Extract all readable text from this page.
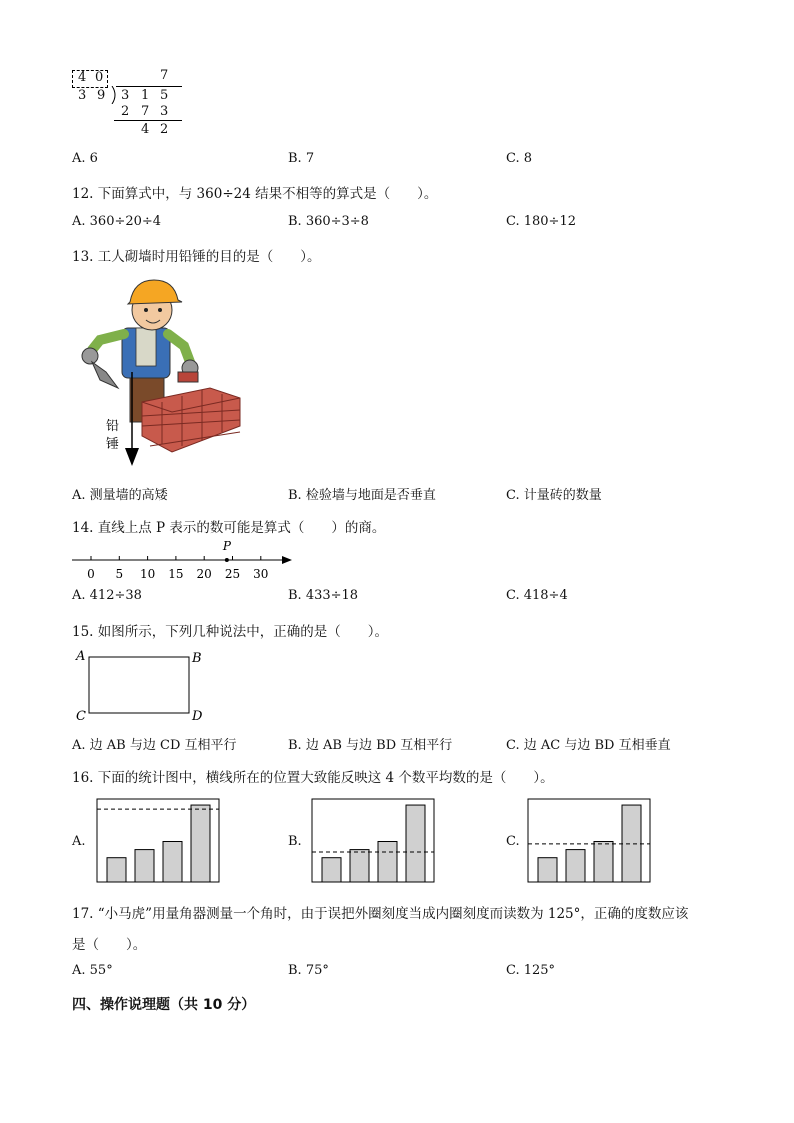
4 0	7
3 9 3 1 5
2 7 3
4 2
A. 6	B. 7	C. 8
12. 下面算式中，与 360÷24 结果不相等的算式是（　　）。
A. 360÷20÷4	B. 360÷3÷8	C. 180÷12
13. 工人砌墙时用铅锤的目的是（　　）。
铅
锤
A. 测量墙的高矮	B. 检验墙与地面是否垂直	C. 计量砖的数量
14. 直线上点 P 表示的数可能是算式（　　）的商。
0 5 10 15 20 25 30
P
A. 412÷38	B. 433÷18	C. 418÷4
15. 如图所示，下列几种说法中，正确的是（　　）。
A	B
C	D
A. 边 AB 与边 CD 互相平行	B. 边 AB 与边 BD 互相平行	C. 边 AC 与边 BD 互相垂直
16. 下面的统计图中，横线所在的位置大致能反映这 4 个数平均数的是（　　）。
A.	B.	C.
17. “小马虎”用量角器测量一个角时，由于误把外圈刻度当成内圈刻度而读数为 125°，正确的度数应该
是（　　）。
A. 55°	B. 75°	C. 125°
四、操作说理题（共 10 分）
